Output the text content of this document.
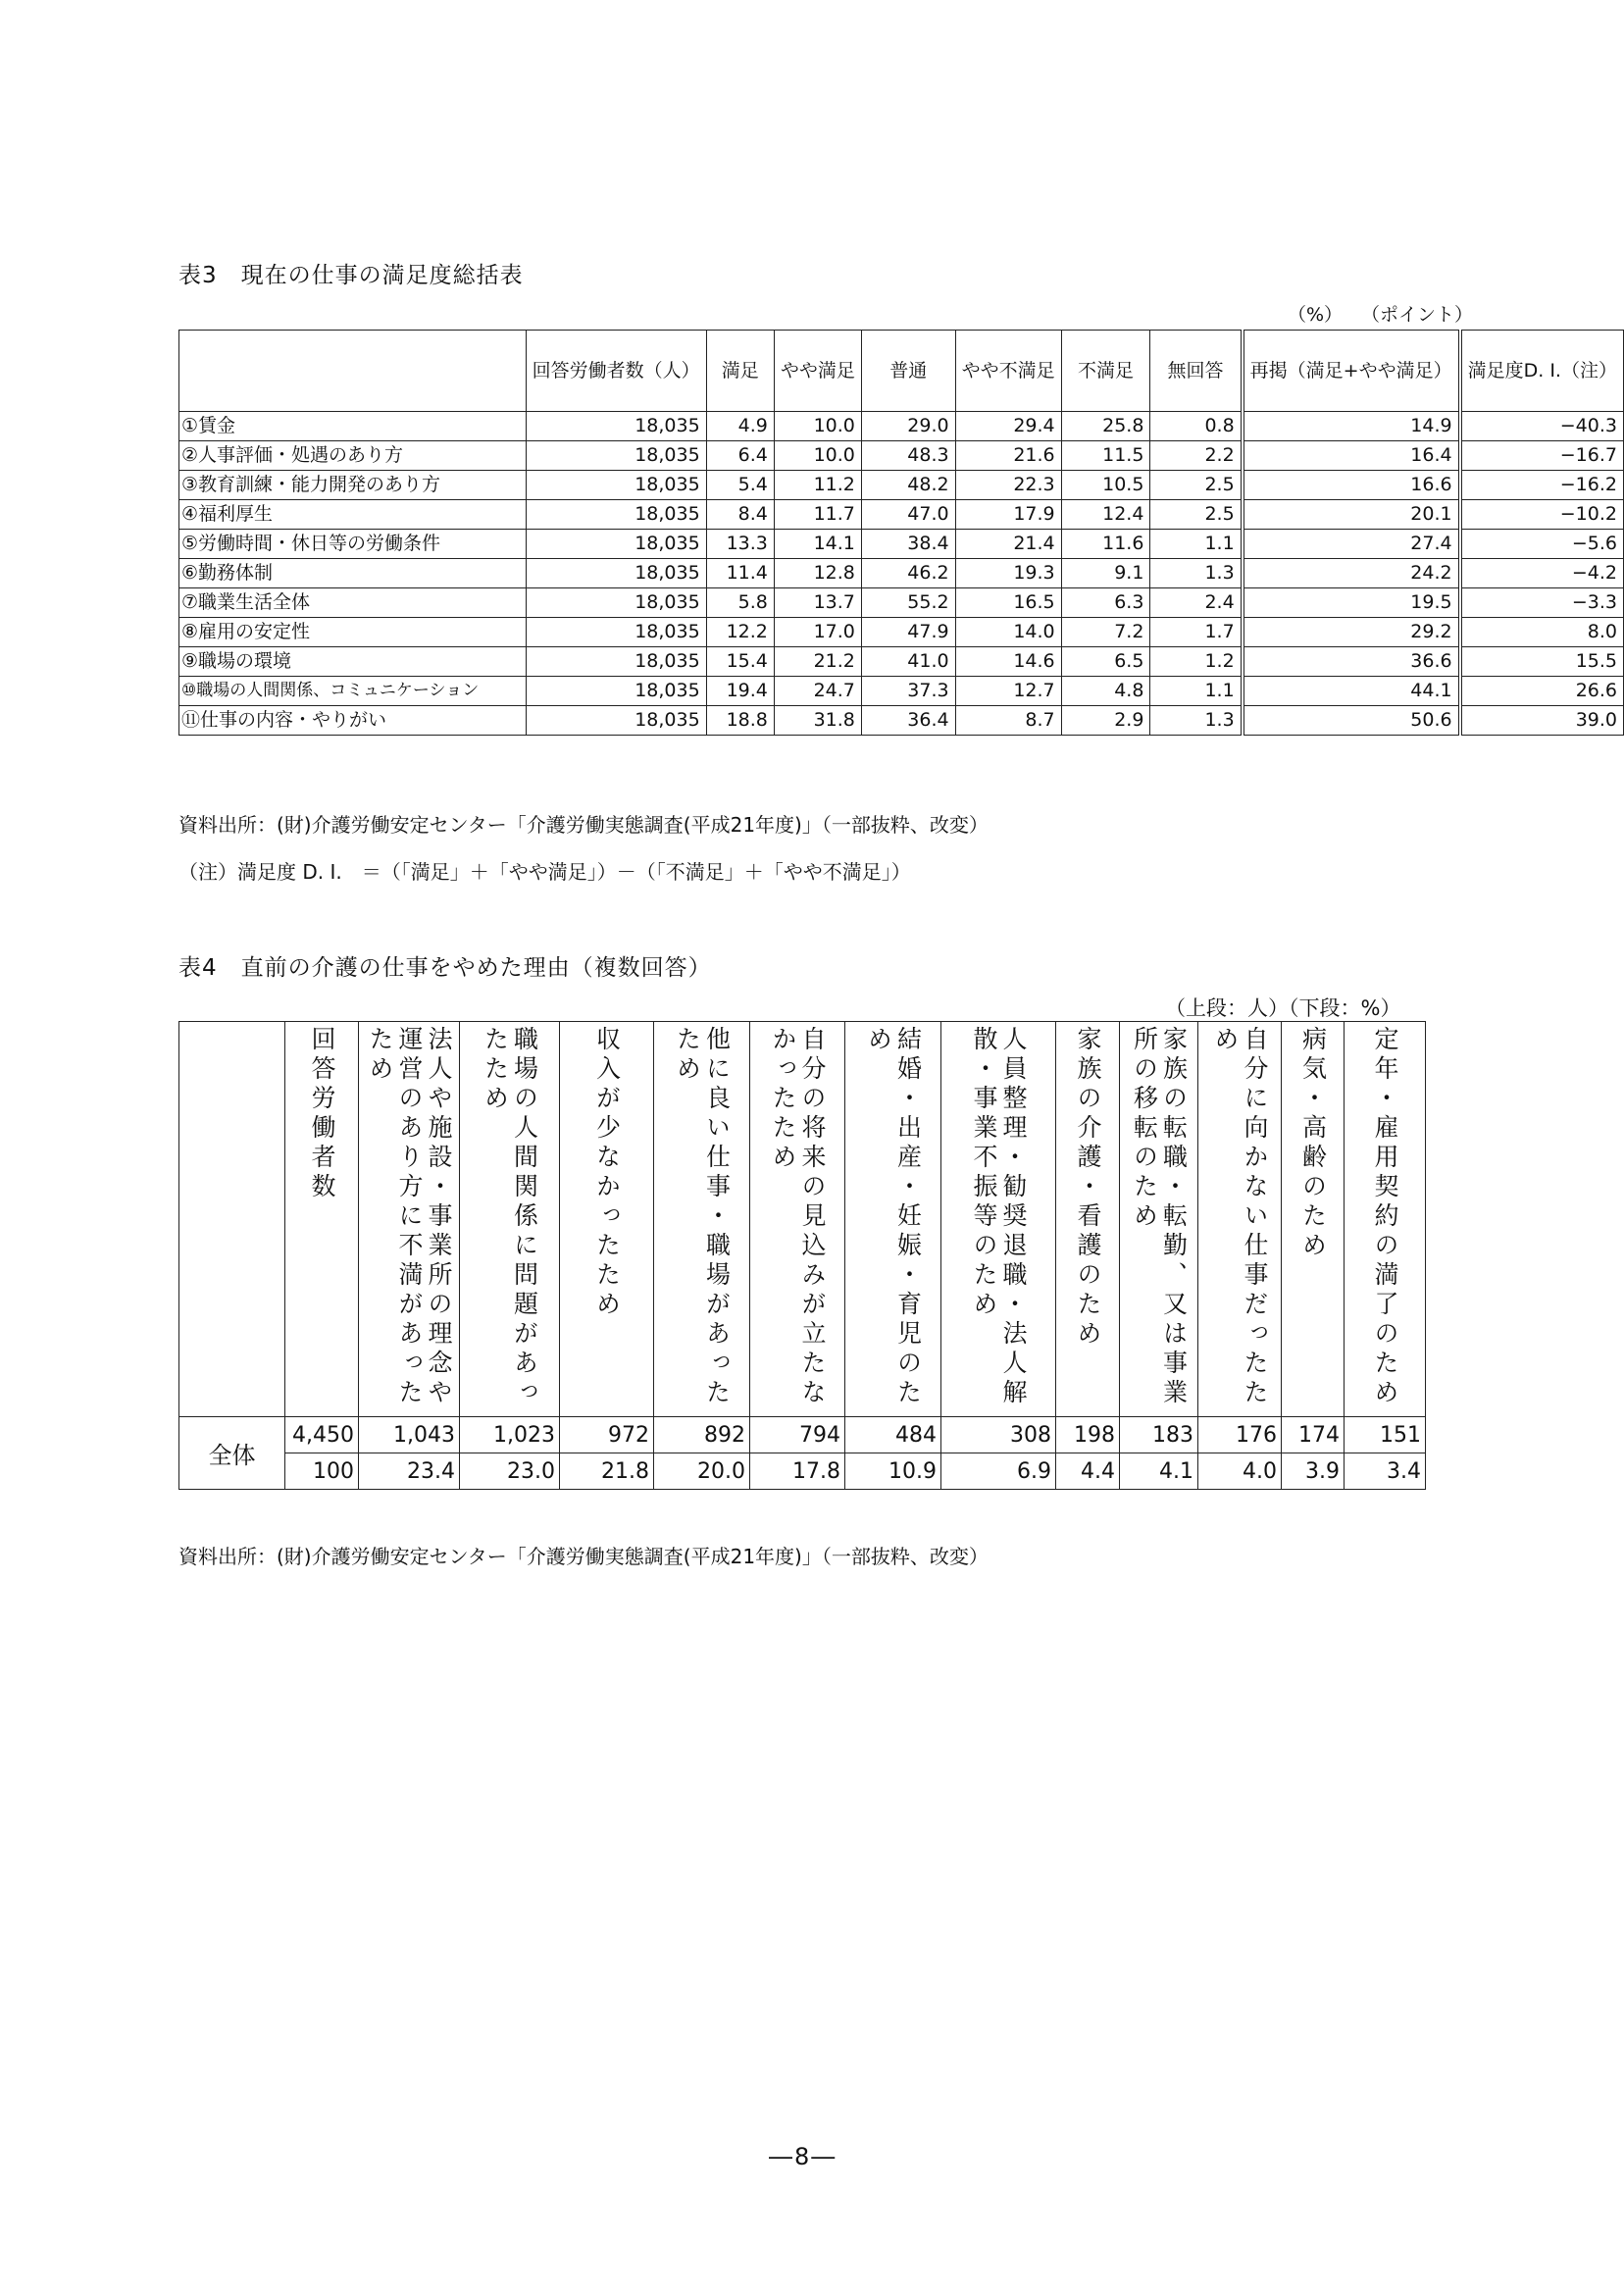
表3　現在の仕事の満足度総括表
（%） （ポイント）
	回答労働者数（人）	満足	やや満足	普通	やや不満足	不満足	無回答	再掲（満足+やや満足）	満足度D. I.（注）
①賃金	18,035	4.9	10.0	29.0	29.4	25.8	0.8	14.9	−40.3
②人事評価・処遇のあり方	18,035	6.4	10.0	48.3	21.6	11.5	2.2	16.4	−16.7
③教育訓練・能力開発のあり方	18,035	5.4	11.2	48.2	22.3	10.5	2.5	16.6	−16.2
④福利厚生	18,035	8.4	11.7	47.0	17.9	12.4	2.5	20.1	−10.2
⑤労働時間・休日等の労働条件	18,035	13.3	14.1	38.4	21.4	11.6	1.1	27.4	−5.6
⑥勤務体制	18,035	11.4	12.8	46.2	19.3	9.1	1.3	24.2	−4.2
⑦職業生活全体	18,035	5.8	13.7	55.2	16.5	6.3	2.4	19.5	−3.3
⑧雇用の安定性	18,035	12.2	17.0	47.9	14.0	7.2	1.7	29.2	8.0
⑨職場の環境	18,035	15.4	21.2	41.0	14.6	6.5	1.2	36.6	15.5
⑩職場の人間関係、コミュニケーション	18,035	19.4	24.7	37.3	12.7	4.8	1.1	44.1	26.6
⑪仕事の内容・やりがい	18,035	18.8	31.8	36.4	8.7	2.9	1.3	50.6	39.0
資料出所：(財)介護労働安定センター「介護労働実態調査(平成21年度)」（一部抜粋、改変）
（注）満足度 D. I.　＝（「満足」＋「やや満足」）－（「不満足」＋「やや不満足」）
表4　直前の介護の仕事をやめた理由（複数回答）
（上段：人）（下段：%）

	回答労働者数	法人や施設・事業所の理念や運営のあり方に不満があったため	職場の人間関係に問題があったため	収入が少なかったため	他に良い仕事・職場があったため	自分の将来の見込みが立たなかったため	結婚・出産・妊娠・育児のため	人員整理・勧奨退職・法人解散・事業不振等のため	家族の介護・看護のため	家族の転職・転勤、又は事業所の移転のため	自分に向かない仕事だったため	病気・高齢のため	定年・雇用契約の満了のため

全体	4,450	1,043	1,023	972	892	794	484	308	198	183	176	174	151
	100	23.4	23.0	21.8	20.0	17.8	10.9	6.9	4.4	4.1	4.0	3.9	3.4
資料出所：(財)介護労働安定センター「介護労働実態調査(平成21年度)」（一部抜粋、改変）
―8―
